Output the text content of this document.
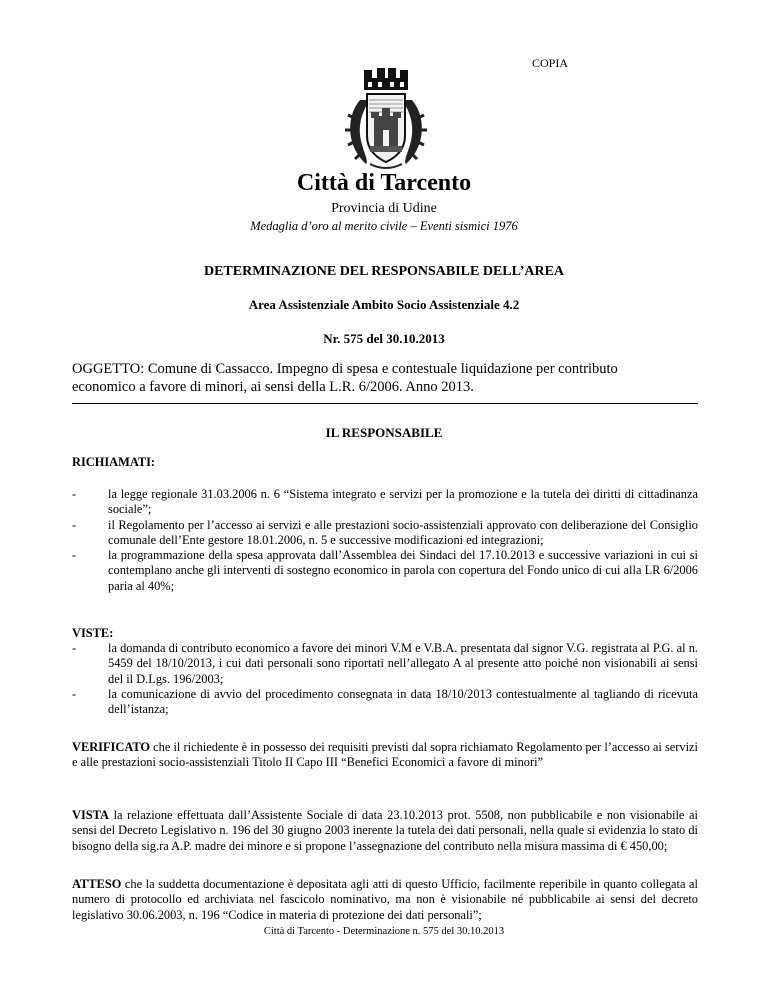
COPIA
Città di Tarcento
Provincia di Udine
Medaglia d’oro al merito civile – Eventi sismici 1976
DETERMINAZIONE DEL RESPONSABILE DELL’AREA
Area Assistenziale Ambito Socio Assistenziale 4.2
Nr. 575 del 30.10.2013
OGGETTO: Comune di Cassacco. Impegno di spesa e contestuale liquidazione per contributo
economico a favore di minori, ai sensi della L.R. 6/2006. Anno 2013.
IL RESPONSABILE
RICHIAMATI:
-	la legge regionale 31.03.2006 n. 6 “Sistema integrato e servizi per la promozione e la tutela dei diritti di cittadinanza sociale”;
-	il Regolamento per l’accesso ai servizi e alle prestazioni socio-assistenziali approvato con deliberazione del Consiglio comunale dell’Ente gestore 18.01.2006, n. 5 e successive modificazioni ed integrazioni;
-	la programmazione della spesa approvata dall’Assemblea dei Sindaci del 17.10.2013 e successive variazioni in cui si contemplano anche gli interventi di sostegno economico in parola con copertura del Fondo unico di cui alla LR 6/2006 paria al 40%;
VISTE:
-	la domanda di contributo economico a favore dei minori V.M e V.B.A. presentata dal signor V.G. registrata al P.G. al n. 5459 del 18/10/2013, i cui dati personali sono riportati nell’allegato A al presente atto poiché non visionabili ai sensi del il D.Lgs. 196/2003;
-	la comunicazione di avvio del procedimento consegnata in data 18/10/2013 contestualmente al tagliando di ricevuta dell’istanza;
VERIFICATO che il richiedente è in possesso dei requisiti previsti dal sopra richiamato Regolamento per l’accesso ai servizi e alle prestazioni socio-assistenziali Titolo II Capo III “Benefici Economici a favore di minori”
VISTA la relazione effettuata dall’Assistente Sociale di data 23.10.2013 prot. 5508, non pubblicabile e non visionabile ai sensi del Decreto Legislativo n. 196 del 30 giugno 2003 inerente la tutela dei dati personali, nella quale si evidenzia lo stato di bisogno della sig.ra A.P. madre dei minore e si propone l’assegnazione del contributo nella misura massima di € 450,00;
ATTESO che la suddetta documentazione è depositata agli atti di questo Ufficio, facilmente reperibile in quanto collegata al numero di protocollo ed archiviata nel fascicolo nominativo, ma non è visionabile né pubblicabile ai sensi del decreto legislativo 30.06.2003, n. 196 “Codice in materia di protezione dei dati personali”;
Città di Tarcento - Determinazione n. 575 del 30.10.2013
